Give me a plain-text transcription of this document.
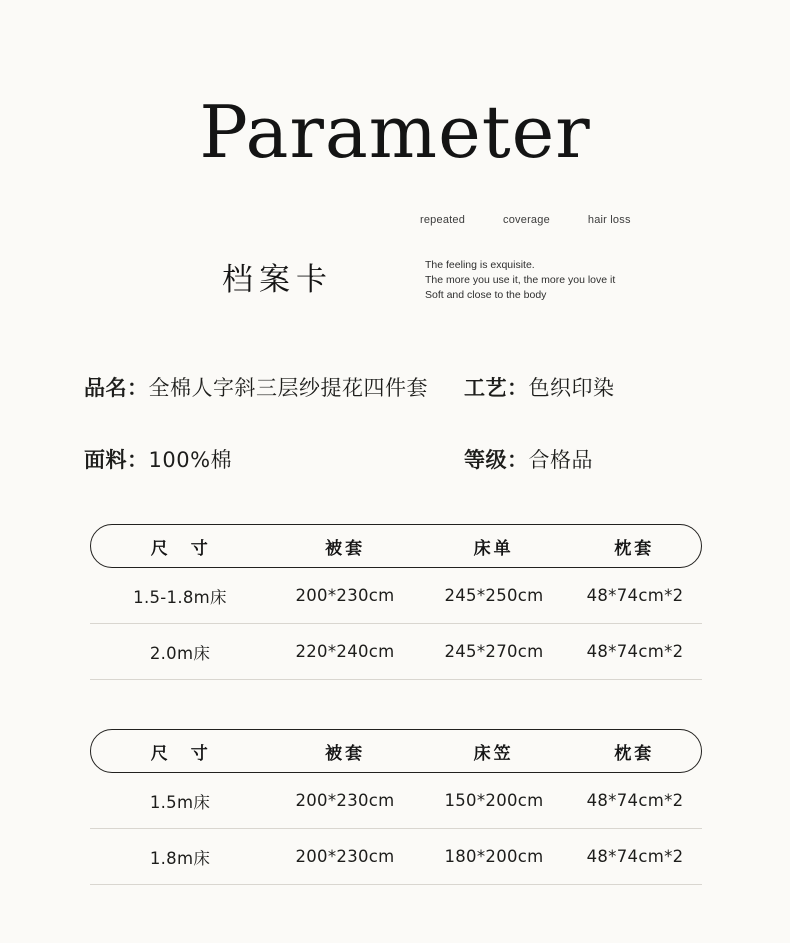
Parameter
repeated	coverage	hair loss
档案卡	The feeling is exquisite.
The more you use it, the more you love it
Soft and close to the body
品名：全棉人字斜三层纱提花四件套	工艺：色织印染
面料：100%棉	等级：合格品
尺　寸	被套	床单	枕套
1.5-1.8m床	200*230cm	245*250cm	48*74cm*2
2.0m床	220*240cm	245*270cm	48*74cm*2
尺　寸	被套	床笠	枕套
1.5m床	200*230cm	150*200cm	48*74cm*2
1.8m床	200*230cm	180*200cm	48*74cm*2
